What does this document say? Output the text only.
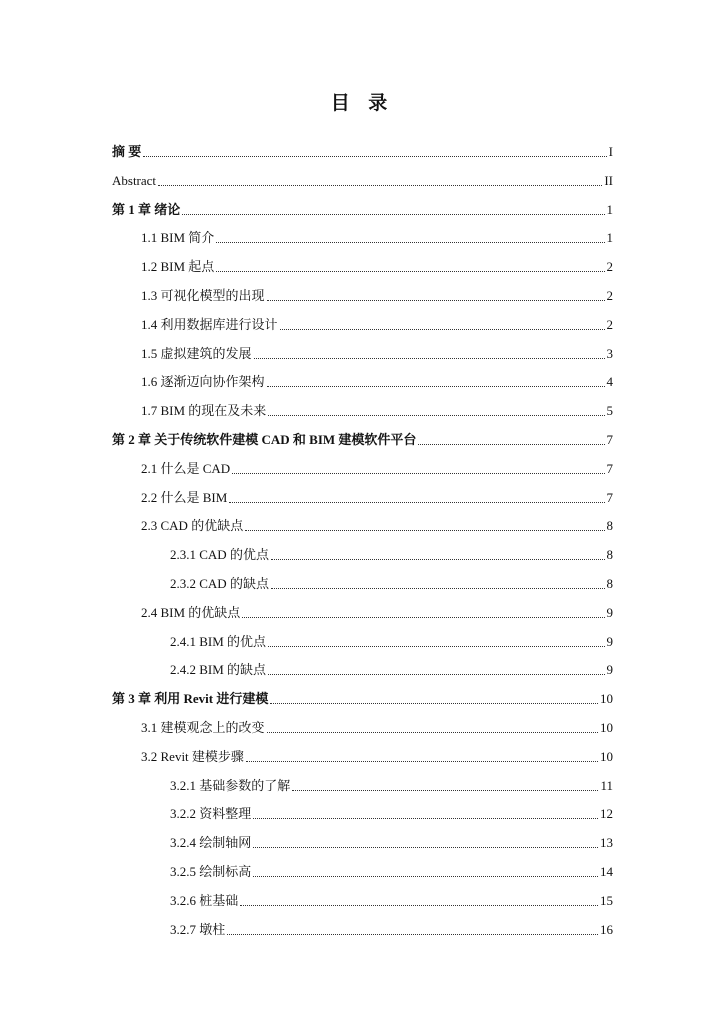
目 录
摘 要	I
Abstract	II
第 1 章 绪论	1
1.1 BIM 简介	1
1.2 BIM 起点	2
1.3 可视化模型的出现	2
1.4 利用数据库进行设计	2
1.5 虚拟建筑的发展	3
1.6 逐渐迈向协作架构	4
1.7 BIM 的现在及未来	5
第 2 章 关于传统软件建模 CAD 和 BIM 建模软件平台	7
2.1 什么是 CAD	7
2.2 什么是 BIM	7
2.3 CAD 的优缺点	8
2.3.1 CAD 的优点	8
2.3.2 CAD 的缺点	8
2.4 BIM 的优缺点	9
2.4.1 BIM 的优点	9
2.4.2 BIM 的缺点	9
第 3 章 利用 Revit 进行建模	10
3.1 建模观念上的改变	10
3.2 Revit 建模步骤	10
3.2.1 基础参数的了解	11
3.2.2 资料整理	12
3.2.4 绘制轴网	13
3.2.5 绘制标高	14
3.2.6 桩基础	15
3.2.7 墩柱	16
